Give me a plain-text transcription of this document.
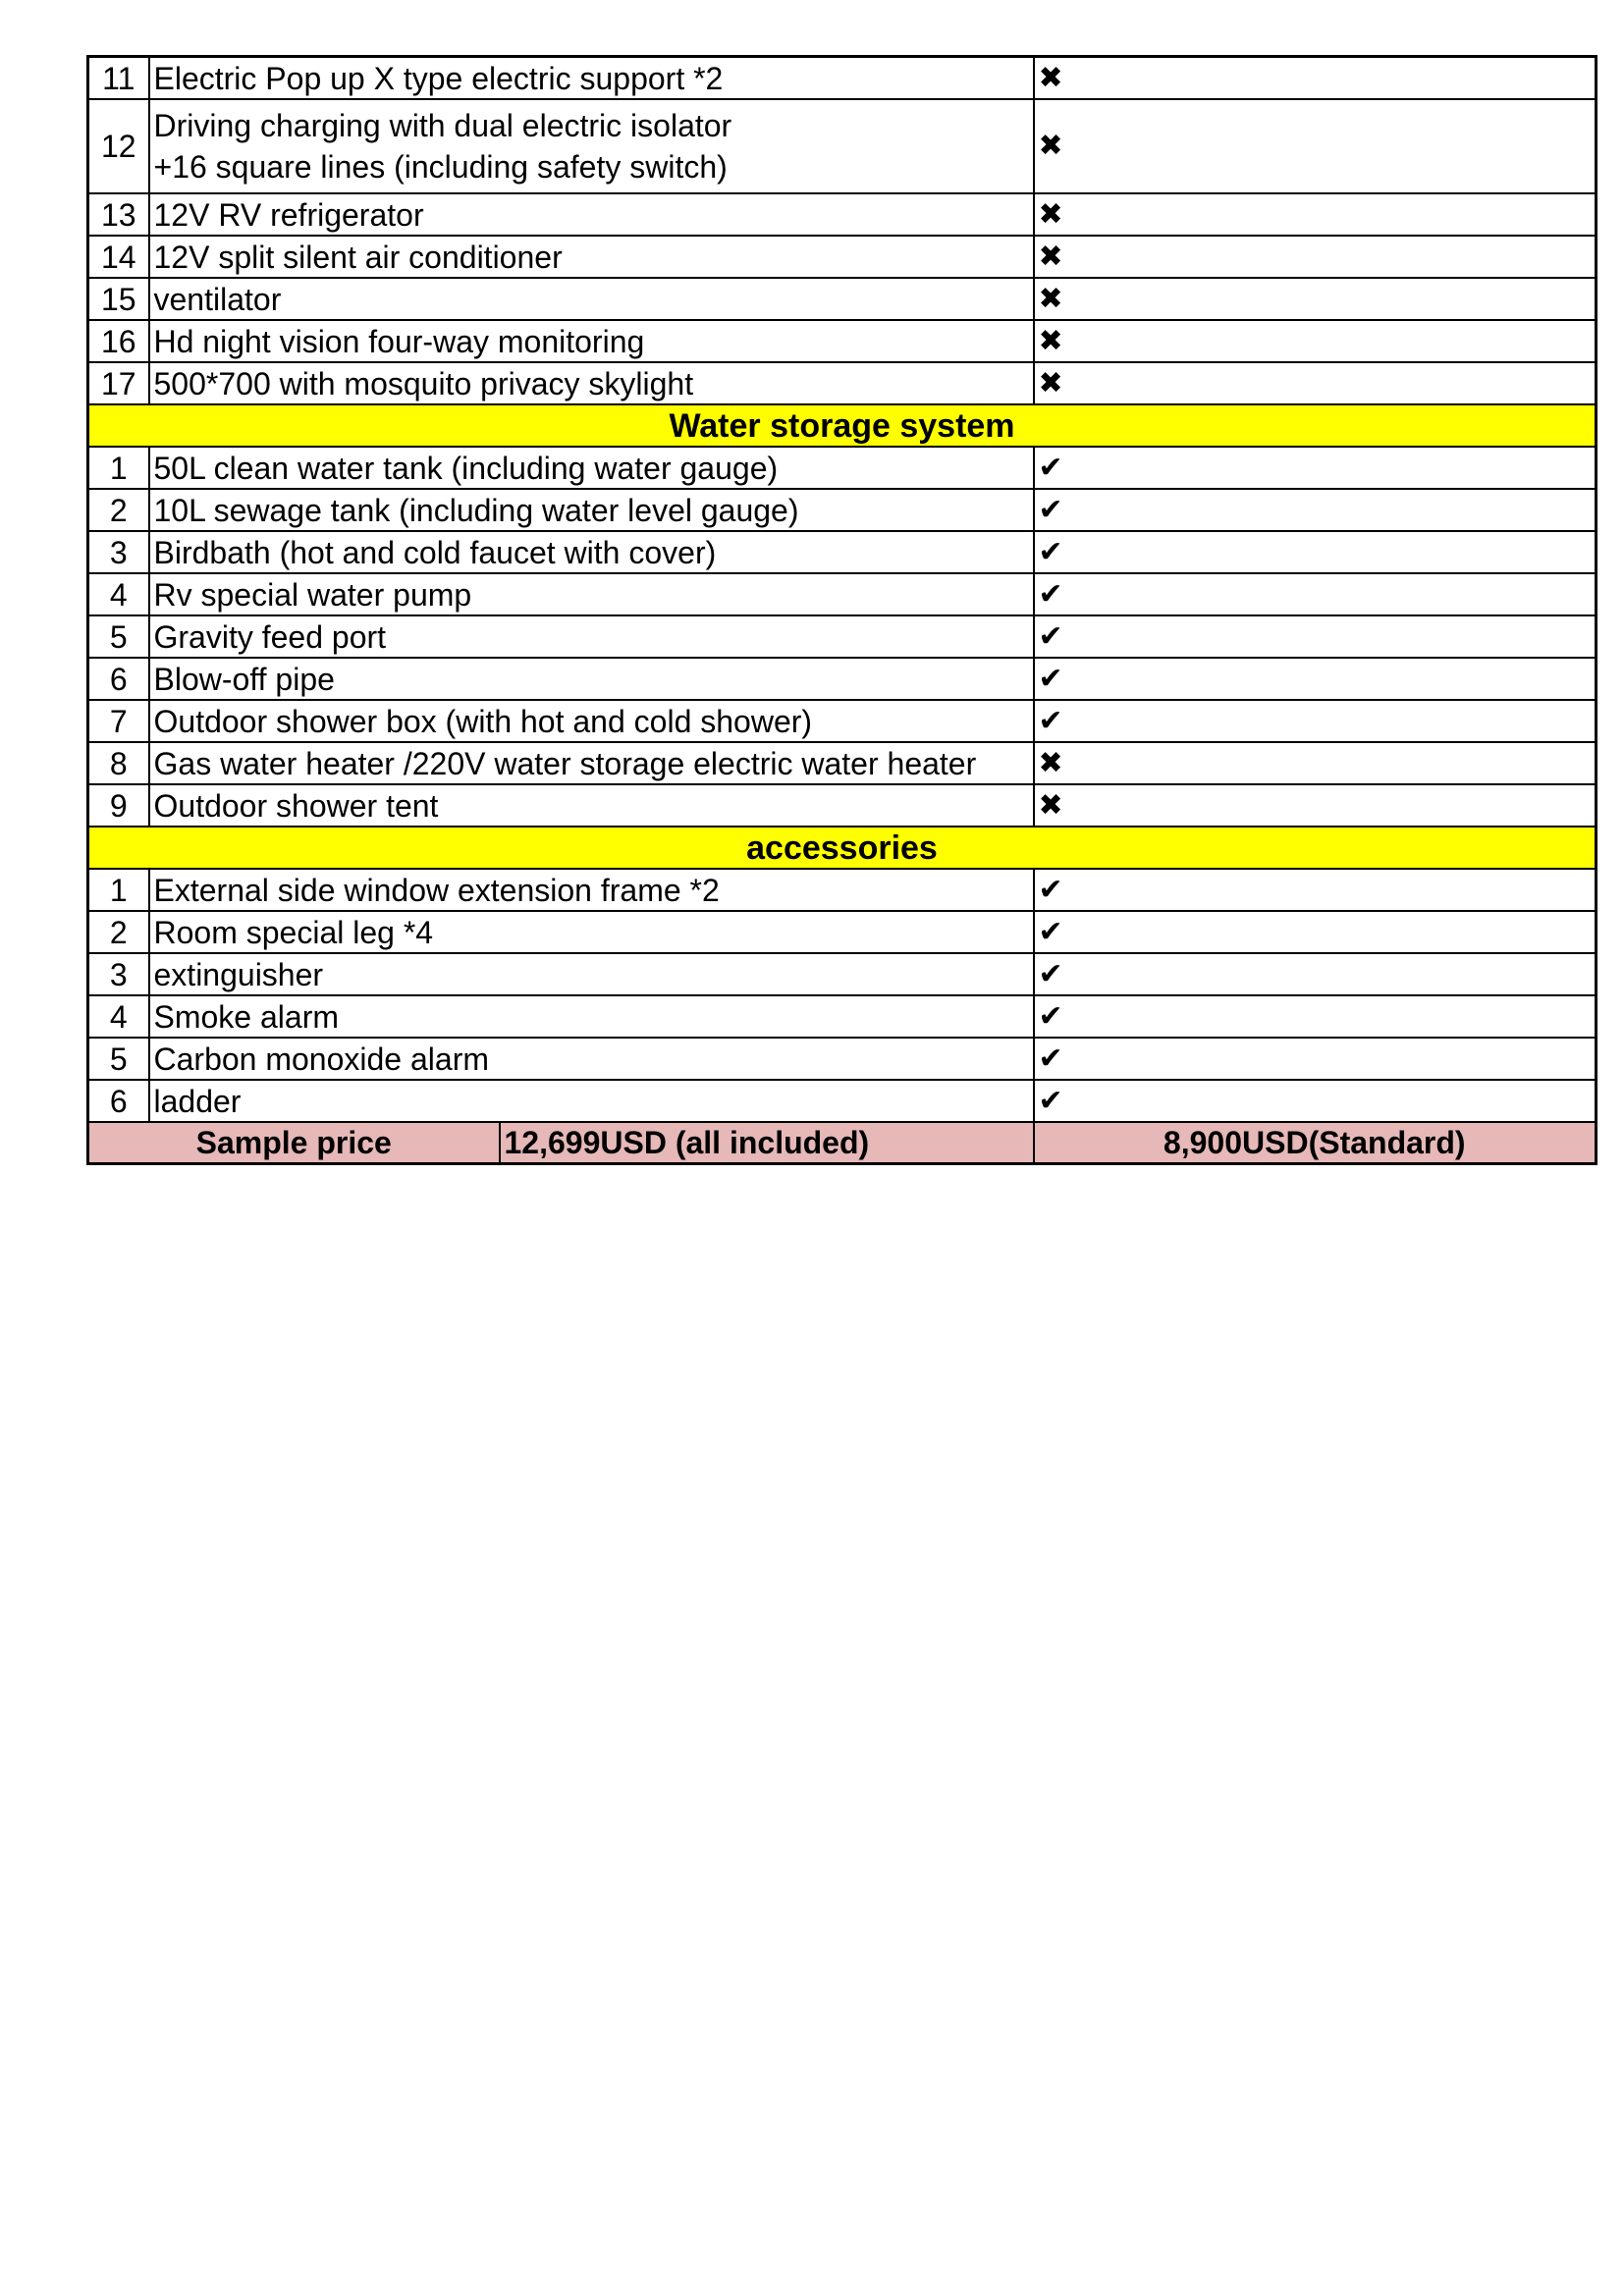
11	Electric Pop up X type electric support *2		✖
12	Driving charging with dual electric isolator
+16 square lines (including safety switch)		✖
13	12V RV refrigerator		✖
14	12V split silent air conditioner		✖
15	ventilator		✖
16	Hd night vision four-way monitoring		✖
17	500*700 with mosquito privacy skylight		✖
Water storage system			
1	50L clean water tank (including water gauge)		✔
2	10L sewage tank (including water level gauge)		✔
3	Birdbath (hot and cold faucet with cover)		✔
4	Rv special water pump		✔
5	Gravity feed port		✔
6	Blow-off pipe		✔
7	Outdoor shower box (with hot and cold shower)		✔
8	Gas water heater /220V water storage electric water heater		✖
9	Outdoor shower tent		✖
accessories			
1	External side window extension frame *2		✔
2	Room special leg *4		✔
3	extinguisher		✔
4	Smoke alarm		✔
5	Carbon monoxide alarm		✔
6	ladder		✔
Sample price		12,699USD (all included)	8,900USD(Standard)
